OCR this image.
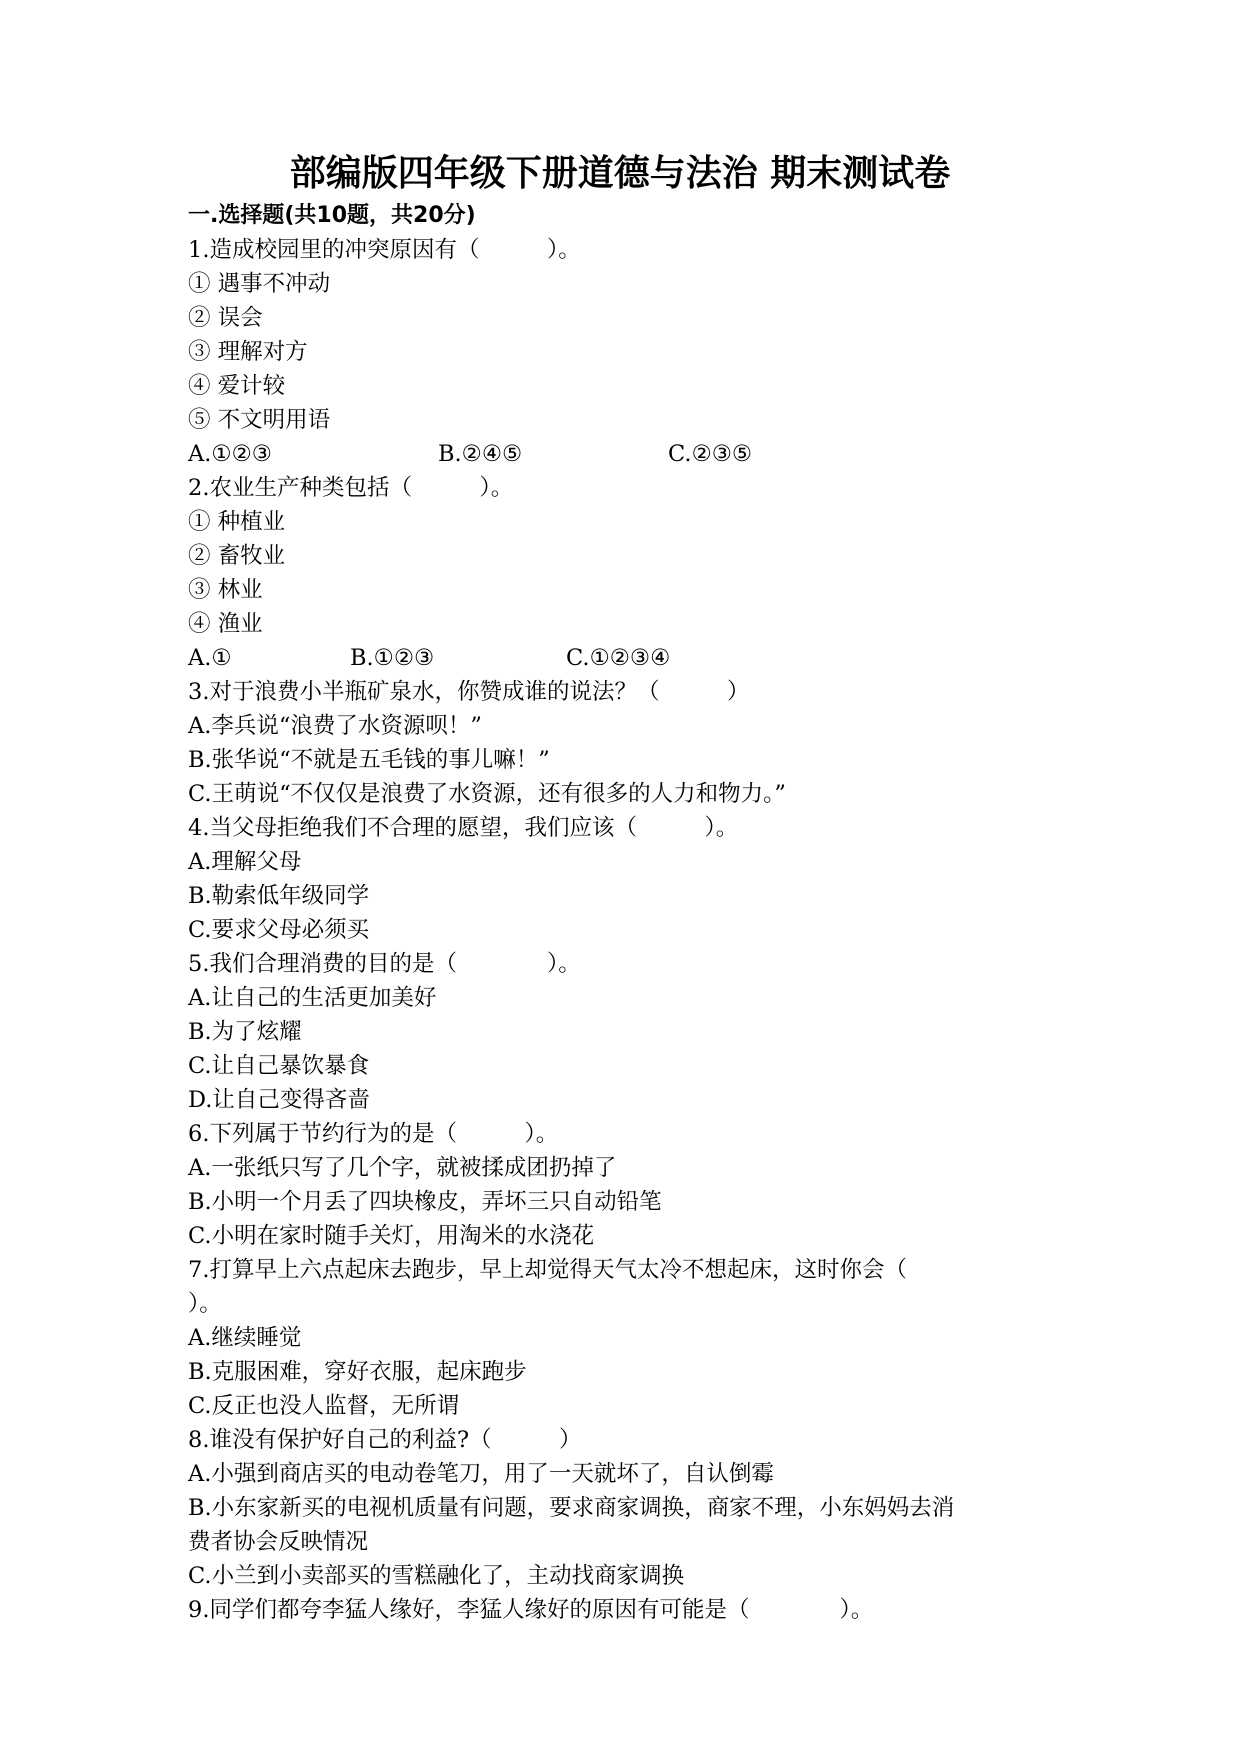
部编版四年级下册道德与法治 期末测试卷
一.选择题(共10题，共20分)
1.造成校园里的冲突原因有（　　　）。
① 遇事不冲动
② 误会
③ 理解对方
④ 爱计较
⑤ 不文明用语
A.①②③	B.②④⑤	C.②③⑤
2.农业生产种类包括（　　　）。
① 种植业
② 畜牧业
③ 林业
④ 渔业
A.①	B.①②③	C.①②③④
3.对于浪费小半瓶矿泉水，你赞成谁的说法？（　　　）
A.李兵说“浪费了水资源呗！”
B.张华说“不就是五毛钱的事儿嘛！”
C.王萌说“不仅仅是浪费了水资源，还有很多的人力和物力。”
4.当父母拒绝我们不合理的愿望，我们应该（　　　）。
A.理解父母
B.勒索低年级同学
C.要求父母必须买
5.我们合理消费的目的是（　　　　）。
A.让自己的生活更加美好
B.为了炫耀
C.让自己暴饮暴食
D.让自己变得吝啬
6.下列属于节约行为的是（　　　）。
A.一张纸只写了几个字，就被揉成团扔掉了
B.小明一个月丢了四块橡皮，弄坏三只自动铅笔
C.小明在家时随手关灯，用淘米的水浇花
7.打算早上六点起床去跑步，早上却觉得天气太冷不想起床，这时你会（
）。
A.继续睡觉
B.克服困难，穿好衣服，起床跑步
C.反正也没人监督，无所谓
8.谁没有保护好自己的利益?（　　　）
A.小强到商店买的电动卷笔刀，用了一天就坏了，自认倒霉
B.小东家新买的电视机质量有问题，要求商家调换，商家不理，小东妈妈去消
费者协会反映情况
C.小兰到小卖部买的雪糕融化了，主动找商家调换
9.同学们都夸李猛人缘好，李猛人缘好的原因有可能是（　　　　）。
